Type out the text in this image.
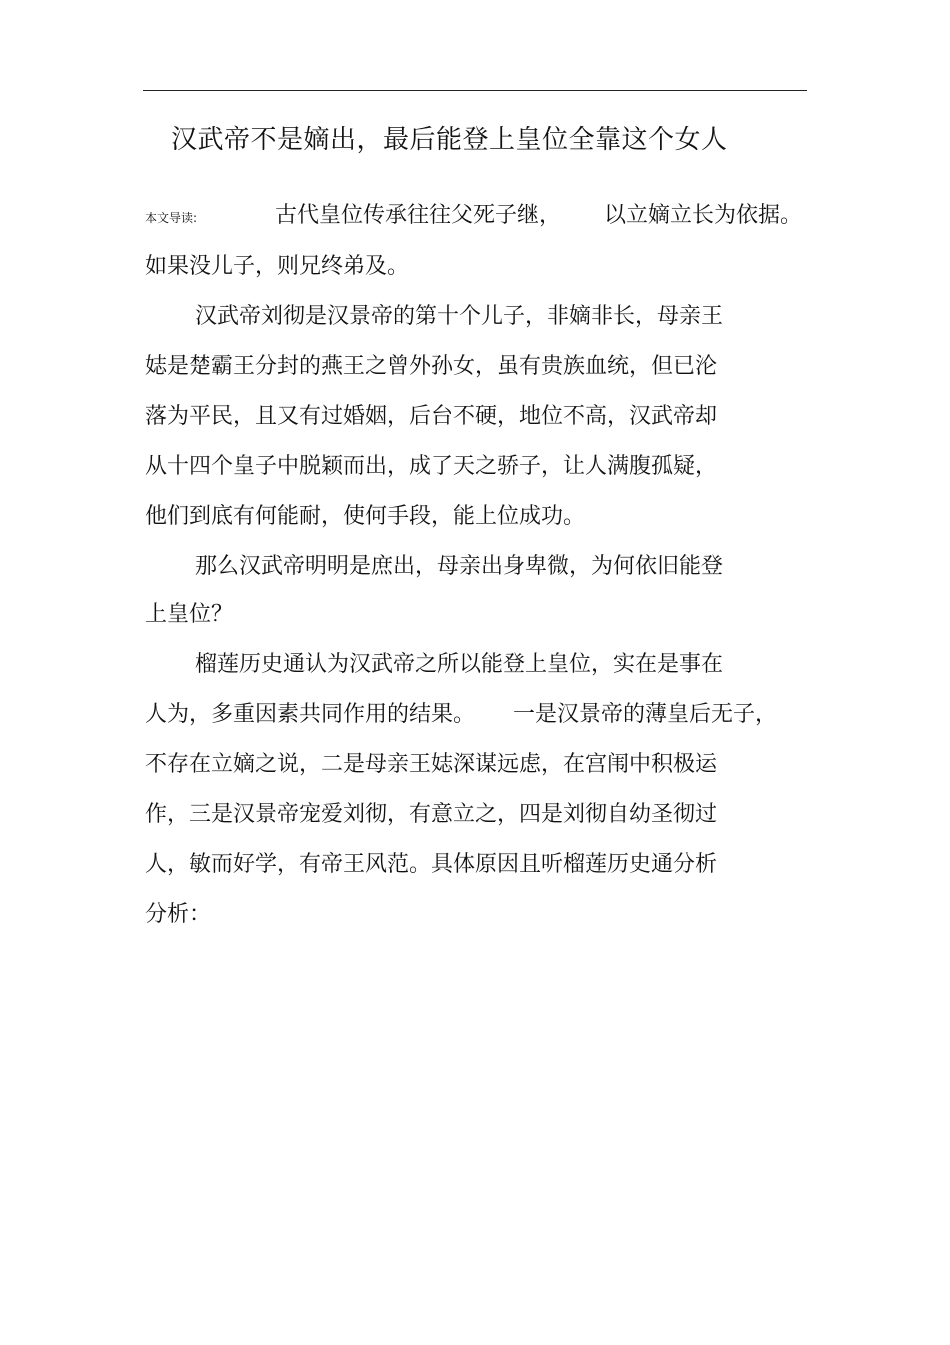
汉武帝不是嫡出，最后能登上皇位全靠这个女人
本文导读:	古代皇位传承往往父死子继， 以立嫡立长为依据。
如果没儿子，则兄终弟及。
汉武帝刘彻是汉景帝的第十个儿子，非嫡非长，母亲王
娡是楚霸王分封的燕王之曾外孙女，虽有贵族血统，但已沦
落为平民，且又有过婚姻，后台不硬，地位不高，汉武帝却
从十四个皇子中脱颖而出，成了天之骄子，让人满腹孤疑，
他们到底有何能耐，使何手段，能上位成功。
那么汉武帝明明是庶出，母亲出身卑微，为何依旧能登
上皇位？
榴莲历史通认为汉武帝之所以能登上皇位，实在是事在
人为，多重因素共同作用的结果。 一是汉景帝的薄皇后无子，
不存在立嫡之说，二是母亲王娡深谋远虑，在宫闱中积极运
作，三是汉景帝宠爱刘彻，有意立之，四是刘彻自幼圣彻过
人，敏而好学，有帝王风范。具体原因且听榴莲历史通分析
分析：
